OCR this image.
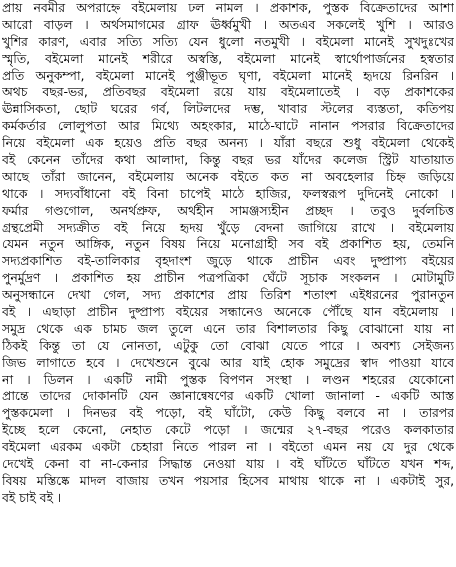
প্রায় নবমীর অপরাহ্নে বইমেলায় ঢল নামল । প্রকাশক, পুস্তক বিক্রেতাদের আশা
আরো বাড়ল । অর্থসমাগমের গ্রাফ ঊর্ধ্বমুখী । অতএব সকলেই খুশি । আরও
খুশির কারণ, এবার সত্যি সত্যি যেন ধুলো নতমুখী । বইমেলা মানেই সুখদুঃখের
স্মৃতি, বইমেলা মানেই শরীরে অস্বস্তি, বইমেলা মানেই স্বার্থোপার্জনের হস্বতার
প্রতি অনুকম্পা, বইমেলা মানেই পুঞ্জীভূত ঘৃণা, বইমেলা মানেই হৃদয়ে রিনরিন ।
অথচ বছর-ভর, প্রতিবছর বইমেলা রয়ে যায় বইমেলাতেই । বড় প্রকাশকের
ঊন্নাসিকতা, ছোট ঘরের গর্ব, লিটলদের দম্ভ, খাবার স্টলের ব্যস্ততা, কতিপয়
কর্মকর্তার লোলুপতা আর মিথ্যে অহংকার, মাঠে-ঘাটে নানান পসরার বিক্রেতাদের
নিয়ে বইমেলা এক হয়েও প্রতি বছর অনন্য । যাঁরা বছরে শুধু বইমেলা থেকেই
বই কেনেন তাঁদের কথা আলাদা, কিন্তু বছর ভর যাঁদের কলেজ স্ট্রিট যাতায়াত
আছে তাঁরা জানেন, বইমেলায় অনেক বইতে কত না অবহেলার চিহ্ন জড়িয়ে
থাকে । সদ্যবাঁধানো বই বিনা চাপেই মাঠে হাজির, ফলস্বরূপ দুদিনেই নোকো ।
ফর্মার গণ্ডগোল, অনর্থপ্রুফ, অর্থহীন সামঞ্জস্যহীন প্রচ্ছদ । তবুও দুর্বলচিত্ত
গ্রন্থপ্রেমী সদ্যক্রীত বই নিয়ে হৃদয় খুঁড়ে বেদনা জাগিয়ে রাখে । বইমেলায়
যেমন নতুন আঙ্গিক, নতুন বিষয় নিয়ে মনোগ্রাহী সব বই প্রকাশিত হয়, তেমনি
সদ্যপ্রকাশিত বই-তালিকার বৃহদাংশ জুড়ে থাকে প্রাচীন এবং দুষ্প্রাপ্য বইয়ের
পুনর্মুদ্রণ । প্রকাশিত হয় প্রাচীন পত্রপত্রিকা ঘেঁটে সূচাক সংকলন । মোটামুটি
অনুসন্ধানে দেখা গেল, সদ্য প্রকাশের প্রায় তিরিশ শতাংশ এইধরনের পুরানতুন
বই । এছাড়া প্রাচীন দুষ্প্রাপ্য বইয়ের সন্ধানেও অনেকে পৌঁছে যান বইমেলায় ।
সমুদ্র থেকে এক চামচ জল তুলে এনে তার বিশালতার কিছু বোঝানো যায় না
ঠিকই কিন্তু তা যে নোনতা, এটুকু তো বোঝা যেতে পারে । অবশ্য সেইজন্য
জিভ লাগাতে হবে । দেখেশুনে বুঝে আর যাই হোক সমুদ্রের স্বাদ পাওয়া যাবে
না । ডিলন । একটি নামী পুস্তক বিপণন সংস্থা । লণ্ডন শহরের যেকোনো
প্রান্তে তাদের দোকানটি যেন জ্ঞানান্বেষণের একটি খোলা জানালা - একটি আস্ত
পুস্তকমেলা । দিনভর বই পড়ো, বই ঘাঁটো, কেউ কিছু বলবে না । তারপর
ইচ্ছে হলে কেনো, নেহাত কেটে পড়ো । জন্মের ২৭-বছর পরেও কলকাতার
বইমেলা এরকম একটা চেহারা নিতে পারল না । বইতো এমন নয় যে দুর থেকে
দেখেই কেনা বা না-কেনার সিদ্ধান্ত নেওয়া যায় । বই ঘাঁটতে ঘাঁটতে যখন শব্দ,
বিষয় মস্তিষ্কে মাদল বাজায় তখন পয়সার হিসেব মাথায় থাকে না । একটাই সুর,
বই চাই বই ।
